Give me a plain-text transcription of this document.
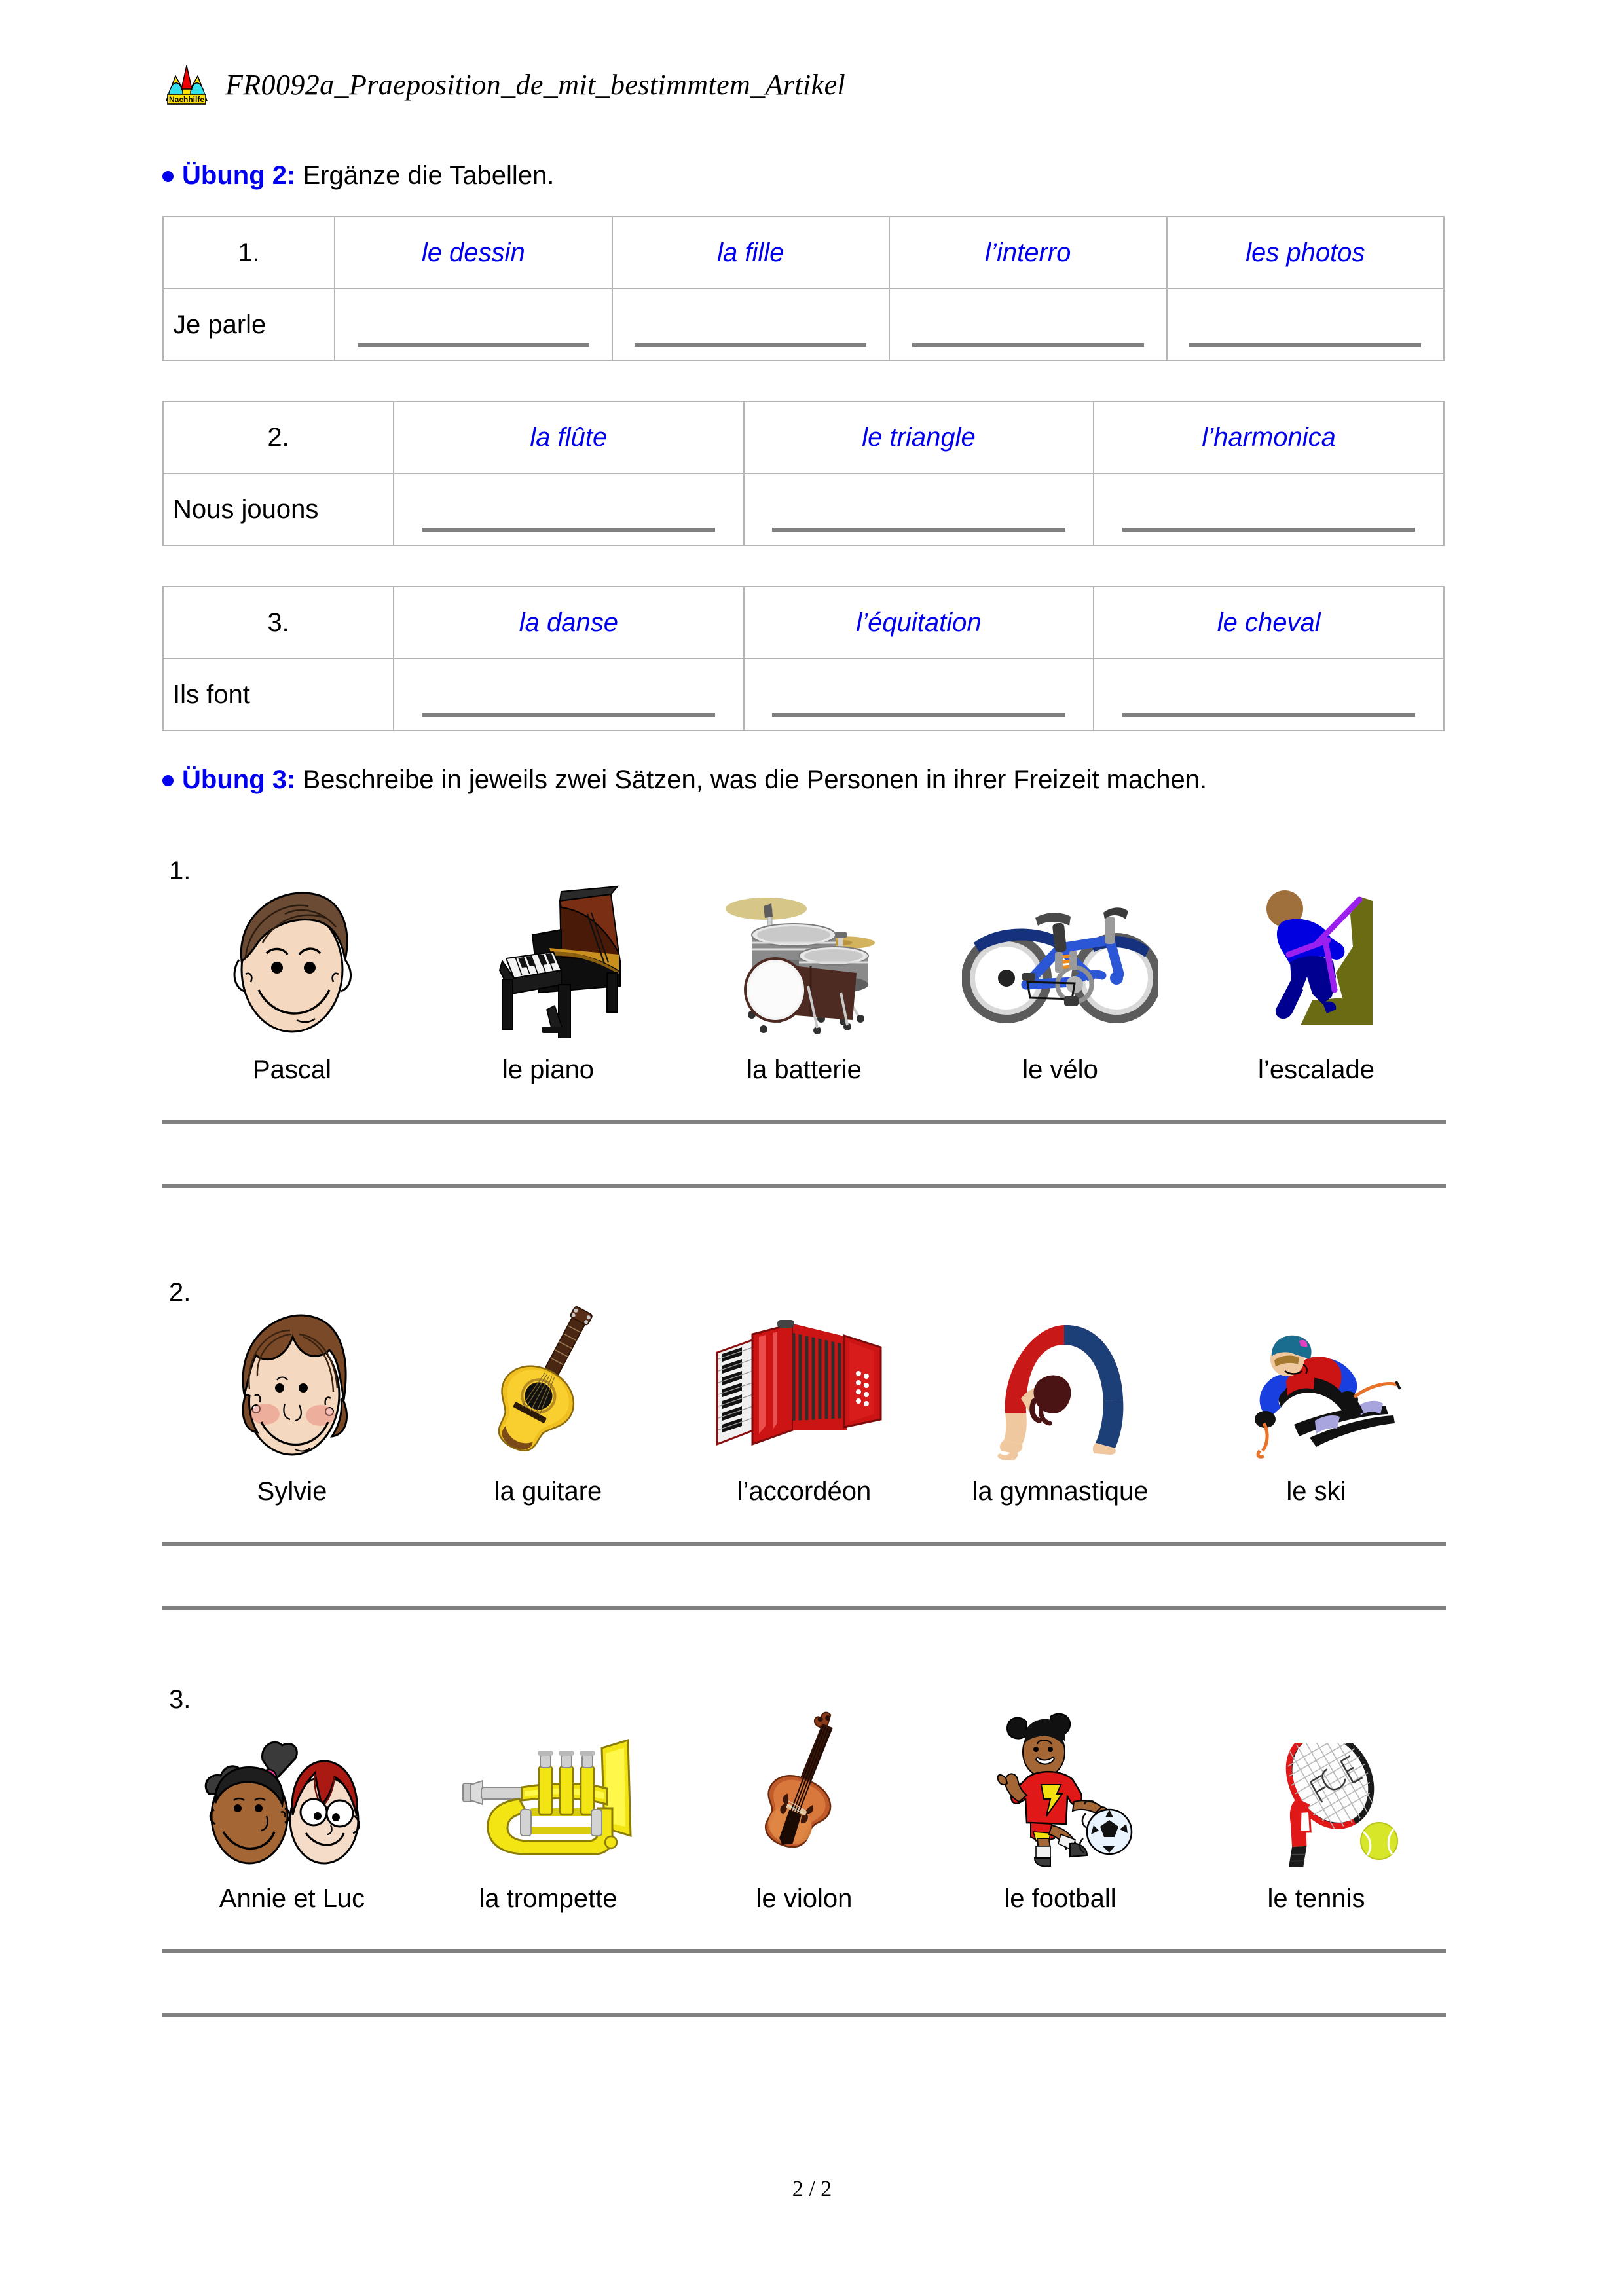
Nachhilfe FR0092a_Praeposition_de_mit_bestimmtem_Artikel
Übung 2: Ergänze die Tabellen.
1.	le dessin	la fille	l’interro	les photos
Je parle	

2.	la flûte	le triangle	l’harmonica
Nous jouons	

3.	la danse	l’équitation	le cheval
Ils font	

Übung 3: Beschreibe in jeweils zwei Sätzen, was die Personen in ihrer Freizeit machen.
1.
Pascal	le piano	la batterie	le vélo	l’escalade
2.
Sylvie	la guitare	l’accordéon	la gymnastique	le ski
3.
Annie et Luc	la trompette	le violon	le football	le tennis
2 / 2
